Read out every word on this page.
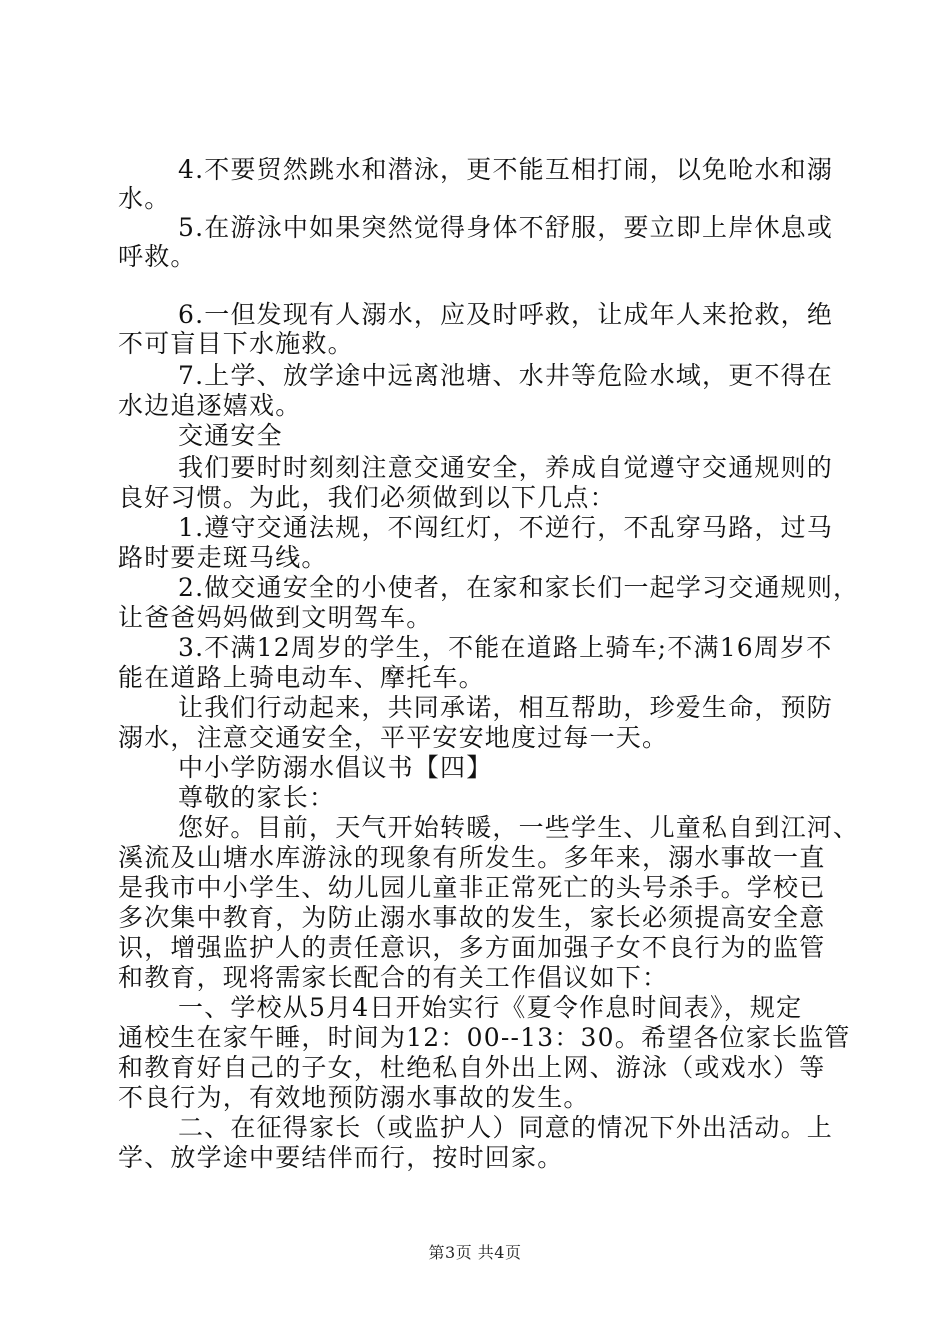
4.不要贸然跳水和潜泳，更不能互相打闹，以免呛水和溺
水。
5.在游泳中如果突然觉得身体不舒服，要立即上岸休息或
呼救。
6.一但发现有人溺水，应及时呼救，让成年人来抢救，绝
不可盲目下水施救。
7.上学、放学途中远离池塘、水井等危险水域，更不得在
水边追逐嬉戏。
交通安全
我们要时时刻刻注意交通安全，养成自觉遵守交通规则的
良好习惯。为此，我们必须做到以下几点：
1.遵守交通法规，不闯红灯，不逆行，不乱穿马路，过马
路时要走斑马线。
2.做交通安全的小使者，在家和家长们一起学习交通规则，
让爸爸妈妈做到文明驾车。
3.不满12周岁的学生，不能在道路上骑车;不满16周岁不
能在道路上骑电动车、摩托车。
让我们行动起来，共同承诺，相互帮助，珍爱生命，预防
溺水，注意交通安全，平平安安地度过每一天。
中小学防溺水倡议书【四】
尊敬的家长：
您好。目前，天气开始转暖，一些学生、儿童私自到江河、
溪流及山塘水库游泳的现象有所发生。多年来，溺水事故一直
是我市中小学生、幼儿园儿童非正常死亡的头号杀手。学校已
多次集中教育，为防止溺水事故的发生，家长必须提高安全意
识，增强监护人的责任意识，多方面加强子女不良行为的监管
和教育，现将需家长配合的有关工作倡议如下：
一、学校从5月4日开始实行《夏令作息时间表》，规定
通校生在家午睡，时间为12：00--13：30。希望各位家长监管
和教育好自己的子女，杜绝私自外出上网、游泳（或戏水）等
不良行为，有效地预防溺水事故的发生。
二、在征得家长（或监护人）同意的情况下外出活动。上
学、放学途中要结伴而行，按时回家。
第3页 共4页
